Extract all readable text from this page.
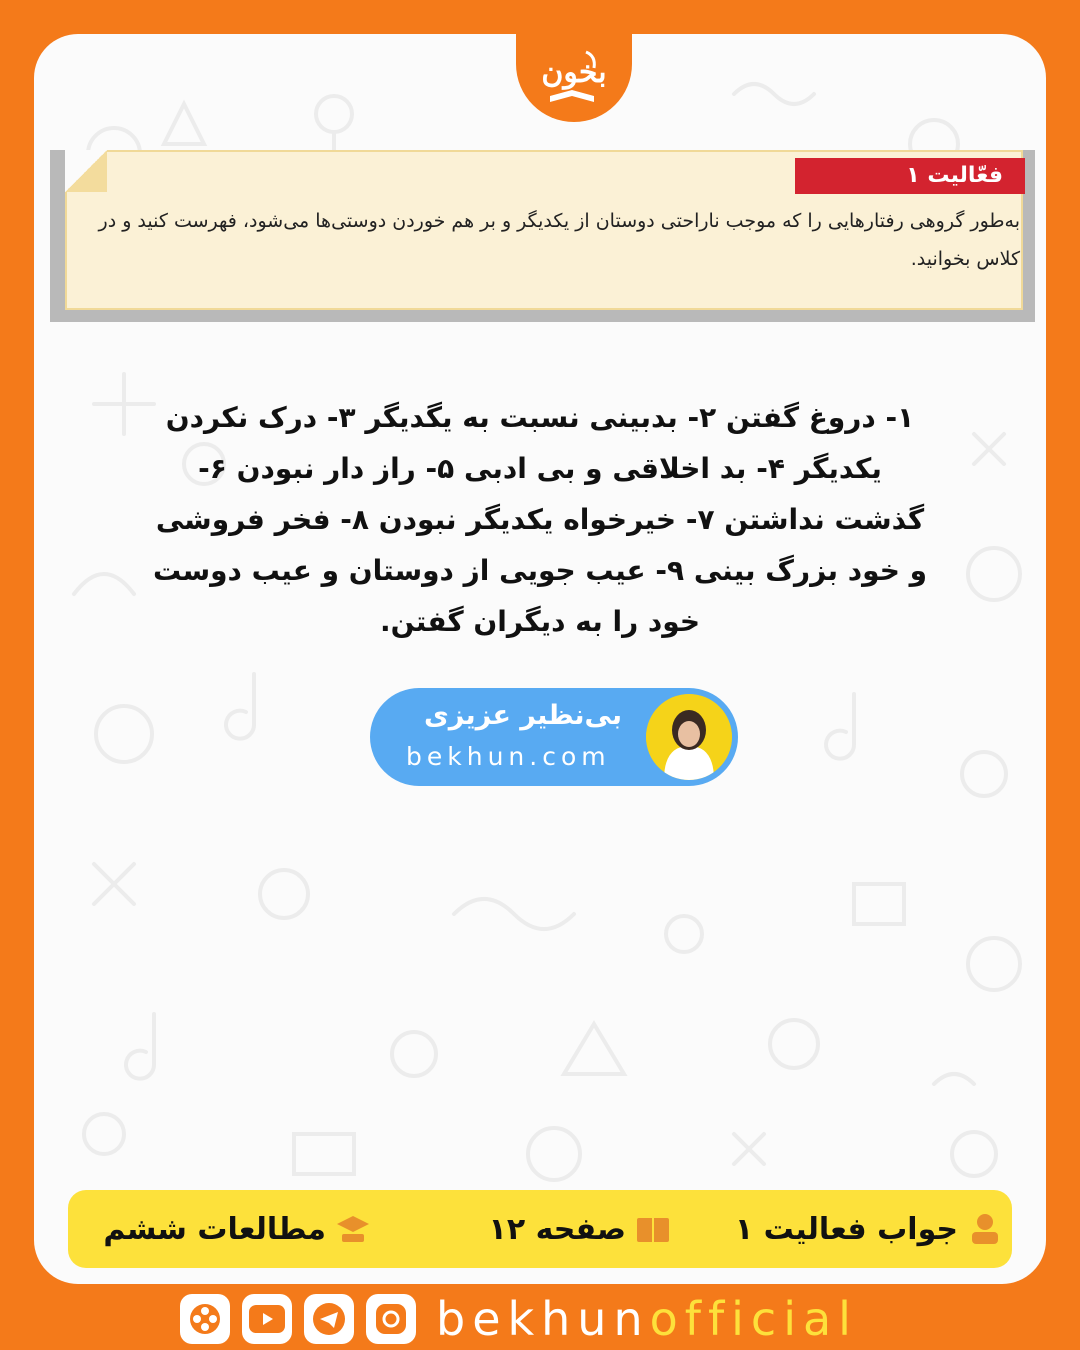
بخون
فعّالیت ۱
به‌طور گروهی رفتارهایی را که موجب ناراحتی دوستان از یکدیگر و بر هم خوردن دوستی‌ها می‌شود، فهرست کنید و در کلاس بخوانید.
۱- دروغ گفتن ۲- بدبینی نسبت به یگدیگر ۳- درک نکردن یکدیگر ۴- بد اخلاقی و بی ادبی ۵- راز دار نبودن ۶- گذشت نداشتن ۷- خیرخواه یکدیگر نبودن ۸- فخر فروشی و خود بزرگ بینی ۹- عیب جویی از دوستان و عیب دوست خود را به دیگران گفتن.
بی‌نظیر عزیزی
bekhun.com
جواب فعالیت ۱
صفحه ۱۲
مطالعات ششم
bekhunofficial
